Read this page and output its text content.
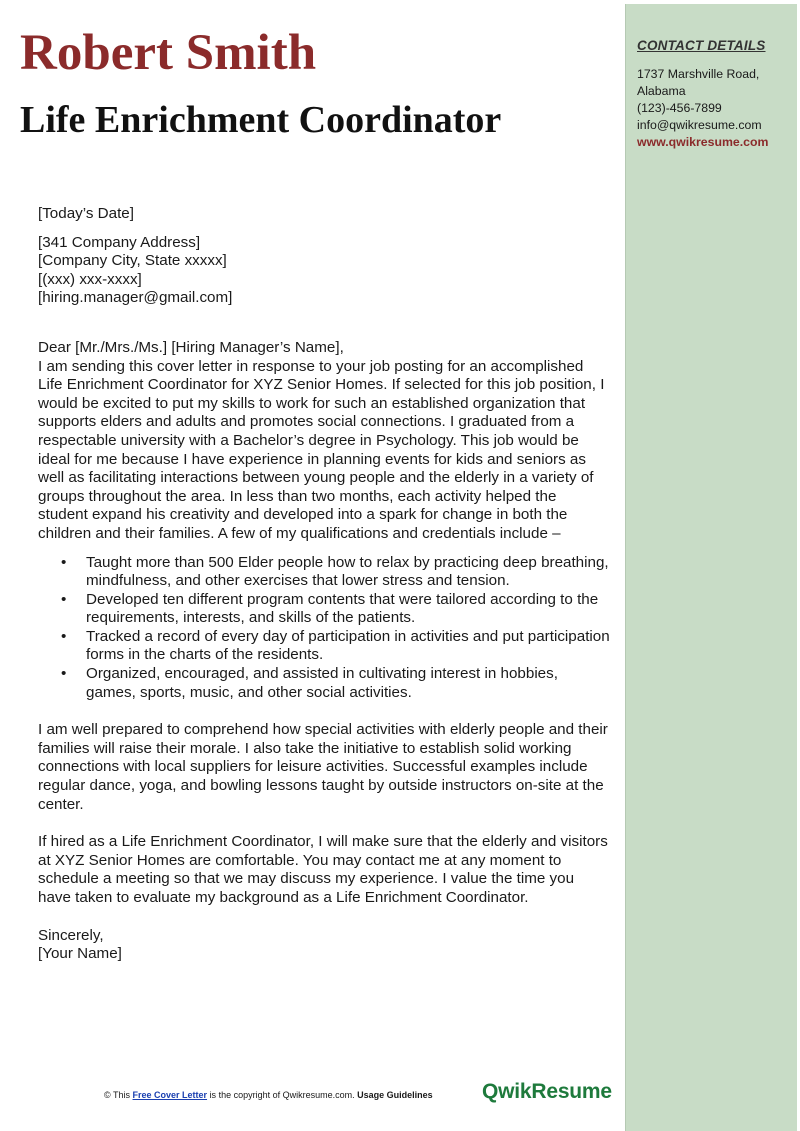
Robert Smith
Life Enrichment Coordinator
CONTACT DETAILS
1737 Marshville Road,
Alabama
(123)-456-7899
info@qwikresume.com
www.qwikresume.com

[Today’s Date]

[341 Company Address]

[Company City, State xxxxx]

[(xxx) xxx-xxxx]

[hiring.manager@gmail.com]

Dear [Mr./Mrs./Ms.] [Hiring Manager’s Name],

I am sending this cover letter in response to your job posting for an accomplished Life Enrichment Coordinator for XYZ Senior Homes. If selected for this job position, I would be excited to put my skills to work for such an established organization that supports elders and adults and promotes social connections. I graduated from a respectable university with a Bachelor’s degree in Psychology. This job would be ideal for me because I have experience in planning events for kids and seniors as well as facilitating interactions between young people and the elderly in a variety of groups throughout the area. In less than two months, each activity helped the student expand his creativity and developed into a spark for change in both the children and their families. A few of my qualifications and credentials include –

• Taught more than 500 Elder people how to relax by practicing deep breathing, mindfulness, and other exercises that lower stress and tension.
• Developed ten different program contents that were tailored according to the requirements, interests, and skills of the patients.
• Tracked a record of every day of participation in activities and put participation forms in the charts of the residents.
• Organized, encouraged, and assisted in cultivating interest in hobbies, games, sports, music, and other social activities.

I am well prepared to comprehend how special activities with elderly people and their families will raise their morale. I also take the initiative to establish solid working connections with local suppliers for leisure activities. Successful examples include regular dance, yoga, and bowling lessons taught by outside instructors on-site at the center.

If hired as a Life Enrichment Coordinator, I will make sure that the elderly and visitors at XYZ Senior Homes are comfortable. You may contact me at any moment to schedule a meeting so that we may discuss my experience. I value the time you have taken to evaluate my background as a Life Enrichment Coordinator.

Sincerely,

[Your Name]

© This Free Cover Letter is the copyright of Qwikresume.com. Usage Guidelines QwikResume
